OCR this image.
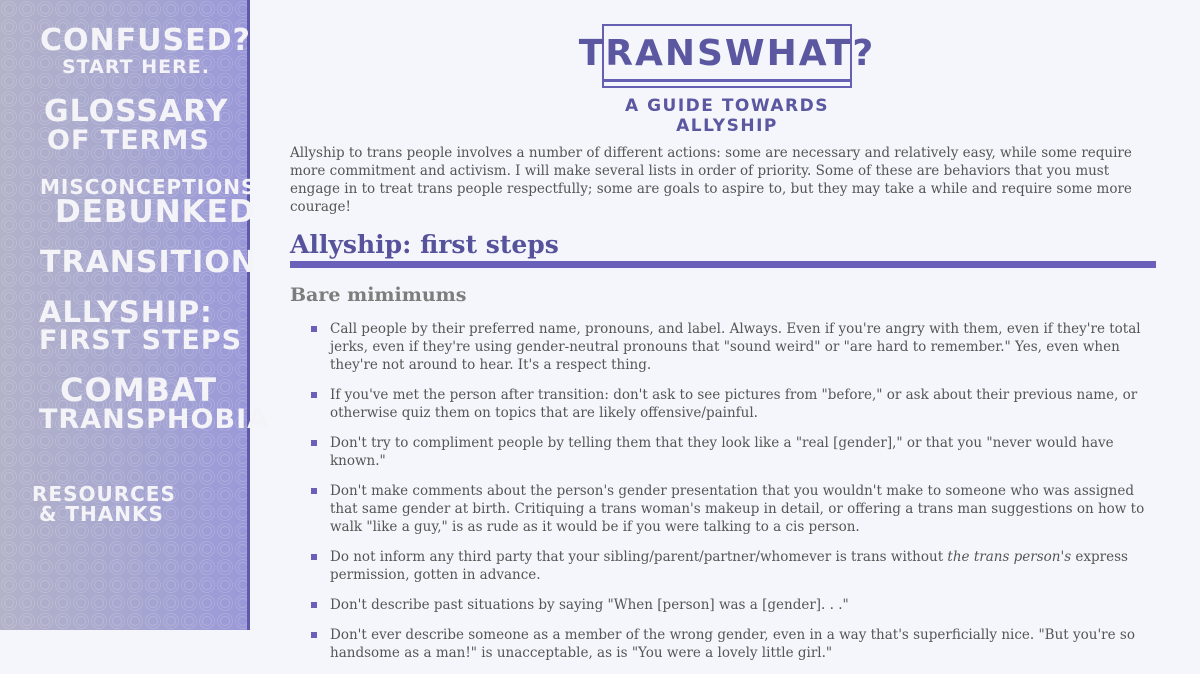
CONFUSED?
START HERE.
GLOSSARY
OF TERMS
MISCONCEPTIONS
DEBUNKED
TRANSITION
ALLYSHIP:
FIRST STEPS
COMBAT
TRANSPHOBIA
RESOURCES
& THANKS
TRANSWHAT?
A GUIDE TOWARDS ALLYSHIP

Allyship to trans people involves a number of different actions: some are necessary and relatively easy, while some require more commitment and activism. I will make several lists in order of priority. Some of these are behaviors that you must engage in to treat trans people respectfully; some are goals to aspire to, but they may take a while and require some more courage!

Allyship: first steps
Bare mimimums
Call people by their preferred name, pronouns, and label. Always. Even if you're angry with them, even if they're total jerks, even if they're using gender-neutral pronouns that "sound weird" or "are hard to remember." Yes, even when they're not around to hear. It's a respect thing.
If you've met the person after transition: don't ask to see pictures from "before," or ask about their previous name, or otherwise quiz them on topics that are likely offensive/painful.
Don't try to compliment people by telling them that they look like a "real [gender]," or that you "never would have known."
Don't make comments about the person's gender presentation that you wouldn't make to someone who was assigned that same gender at birth. Critiquing a trans woman's makeup in detail, or offering a trans man suggestions on how to walk "like a guy," is as rude as it would be if you were talking to a cis person.
Do not inform any third party that your sibling/parent/partner/whomever is trans without the trans person's express permission, gotten in advance.
Don't describe past situations by saying "When [person] was a [gender]. . ."
Don't ever describe someone as a member of the wrong gender, even in a way that's superficially nice. "But you're so handsome as a man!" is unacceptable, as is "You were a lovely little girl."
